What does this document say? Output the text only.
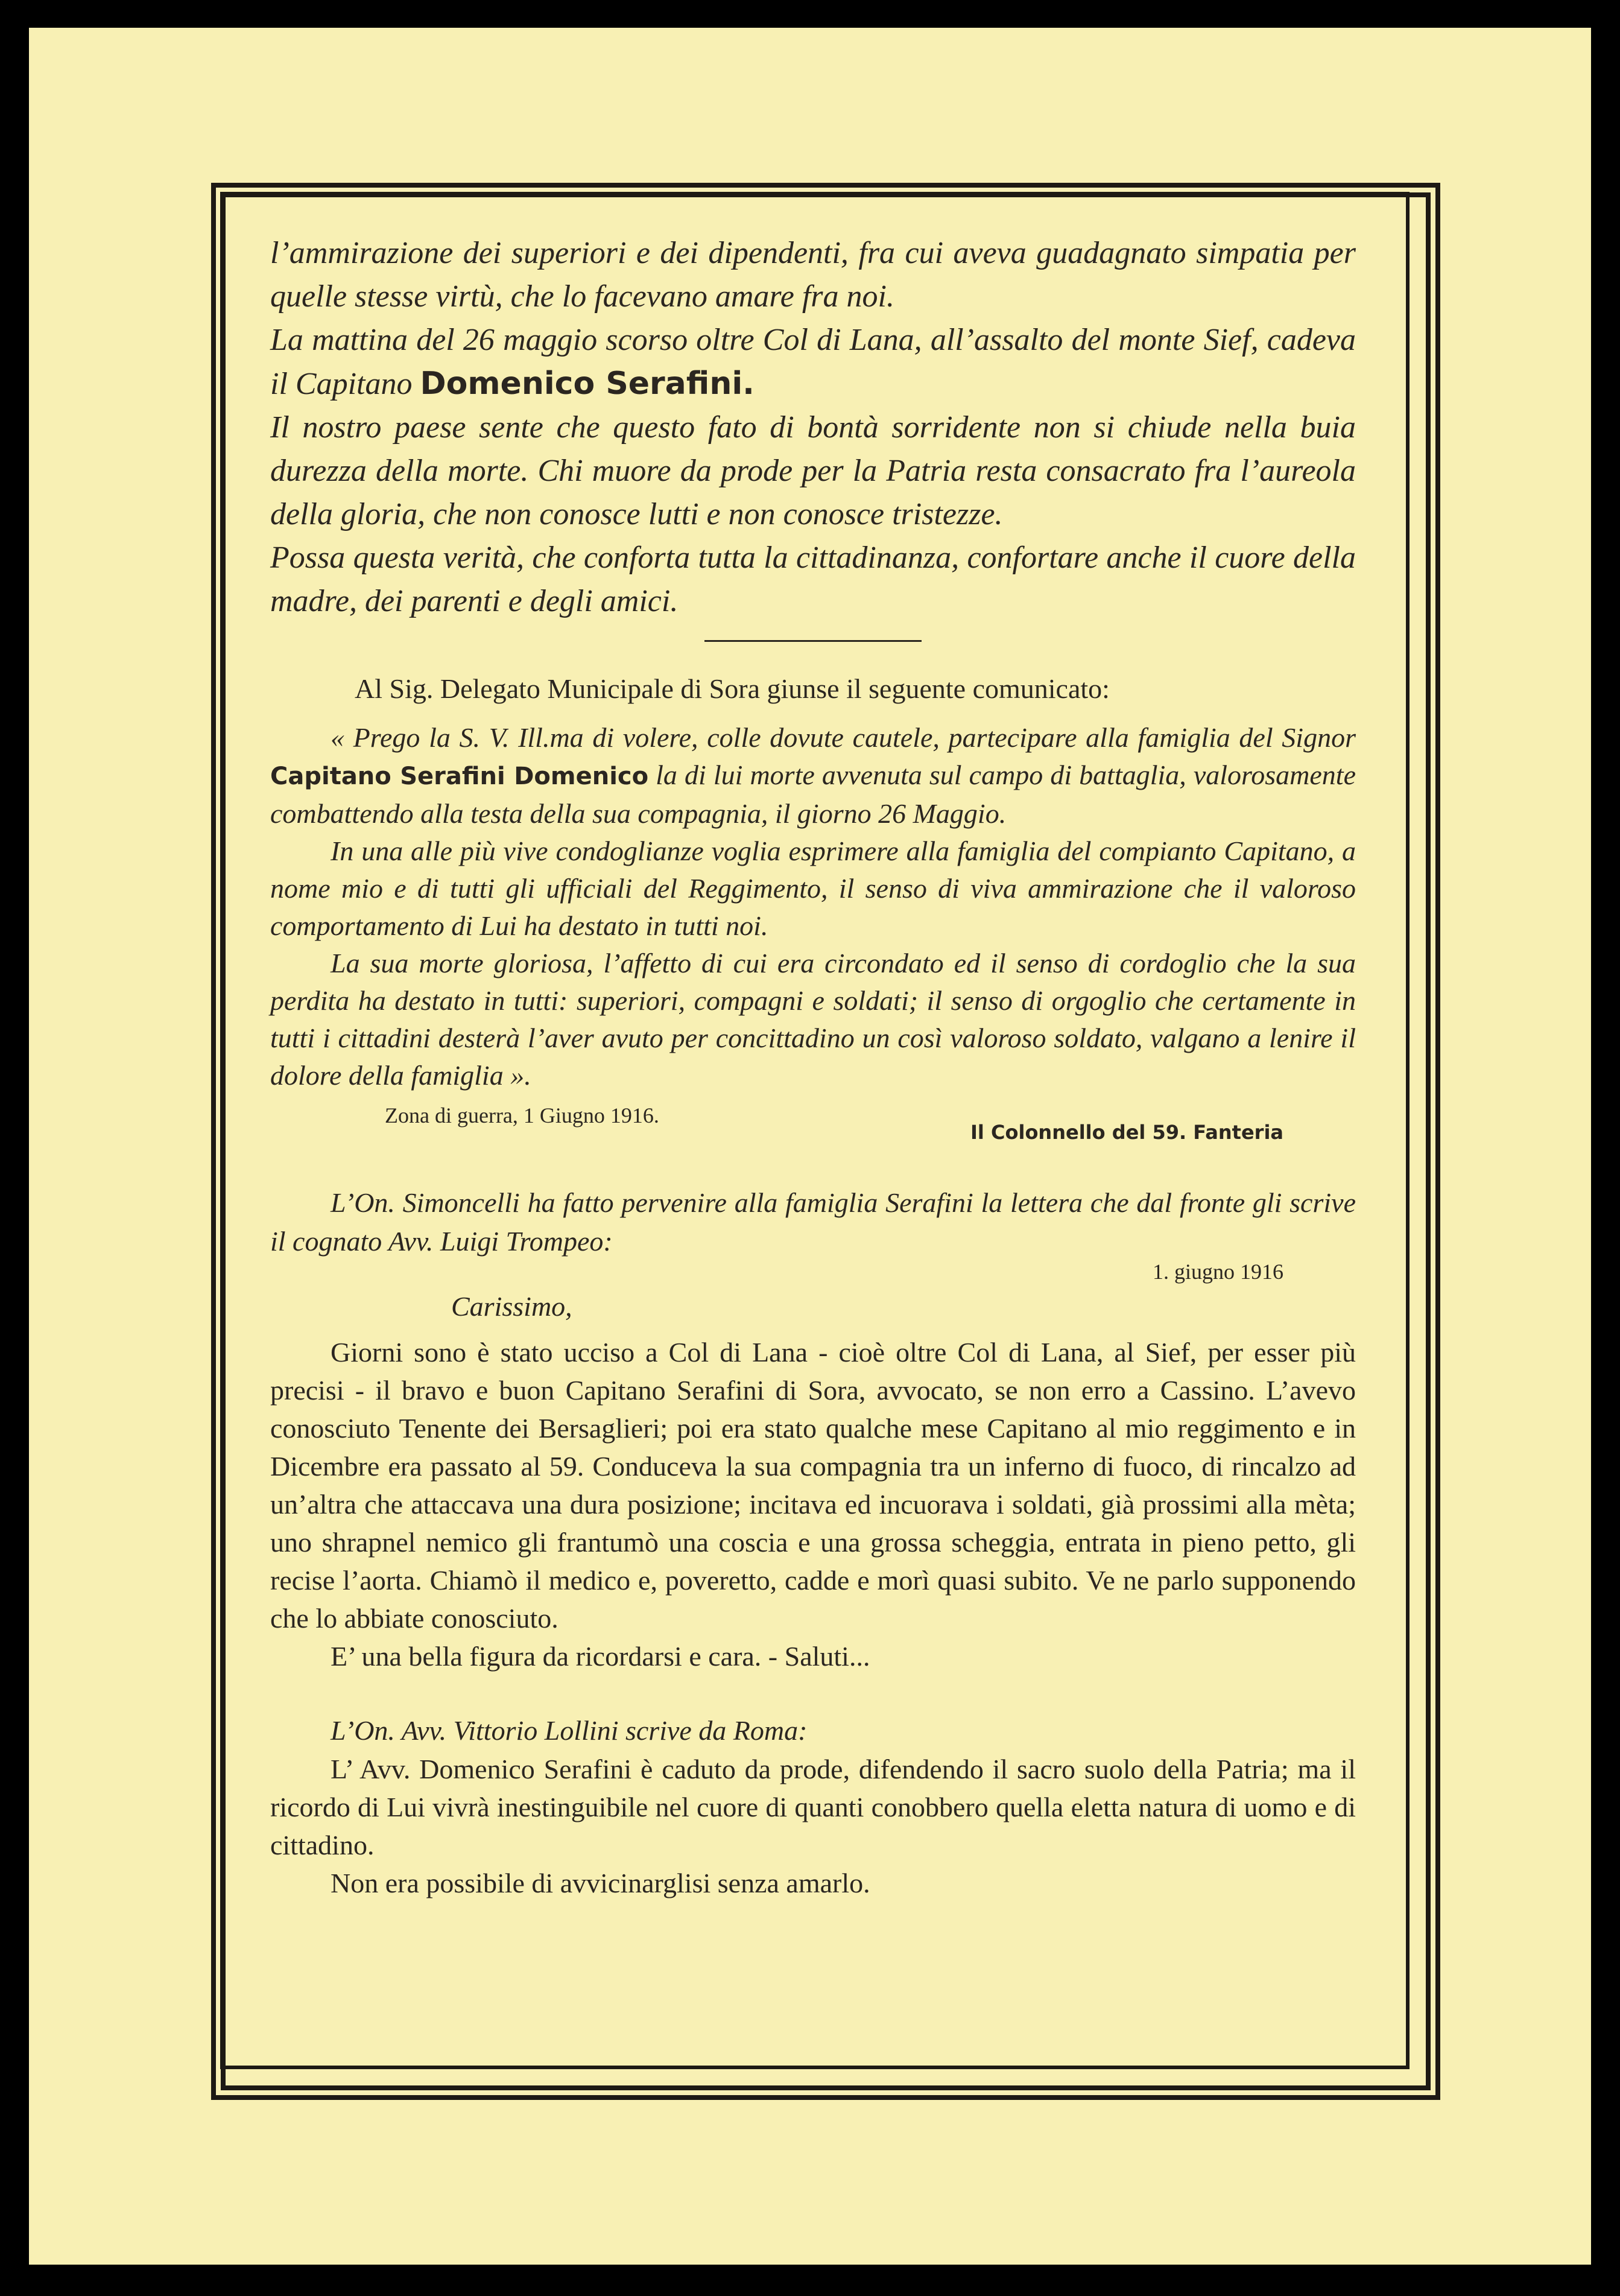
l’ammirazione dei superiori e dei dipendenti, fra cui aveva guadagnato simpatia per quelle stesse virtù, che lo facevano amare fra noi.

La mattina del 26 maggio scorso oltre Col di Lana, all’assalto del monte Sief, cadeva il Capitano Domenico Serafini.

Il nostro paese sente che questo fato di bontà sorridente non si chiude nella buia durezza della morte. Chi muore da prode per la Patria resta consacrato fra l’aureola della gloria, che non conosce lutti e non conosce tristezze.

Possa questa verità, che conforta tutta la cittadinanza, confortare anche il cuore della madre, dei parenti e degli amici.

Al Sig. Delegato Municipale di Sora giunse il seguente comunicato:

« Prego la S. V. Ill.ma di volere, colle dovute cautele, partecipare alla famiglia del Signor Capitano Serafini Domenico la di lui morte avvenuta sul campo di battaglia, valorosamente combattendo alla testa della sua compagnia, il giorno 26 Maggio.

In una alle più vive condoglianze voglia esprimere alla famiglia del compianto Capitano, a nome mio e di tutti gli ufficiali del Reggimento, il senso di viva ammirazione che il valoroso comportamento di Lui ha destato in tutti noi.

La sua morte gloriosa, l’affetto di cui era circondato ed il senso di cordoglio che la sua perdita ha destato in tutti: superiori, compagni e soldati; il senso di orgoglio che certamente in tutti i cittadini desterà l’aver avuto per concittadino un così valoroso soldato, valgano a lenire il dolore della famiglia ».

Zona di guerra, 1 Giugno 1916.
Il Colonnello del 59. Fanteria

L’On. Simoncelli ha fatto pervenire alla famiglia Serafini la lettera che dal fronte gli scrive il cognato Avv. Luigi Trompeo:

1. giugno 1916
Carissimo,

Giorni sono è stato ucciso a Col di Lana - cioè oltre Col di Lana, al Sief, per esser più precisi - il bravo e buon Capitano Serafini di Sora, avvocato, se non erro a Cassino. L’avevo conosciuto Tenente dei Bersaglieri; poi era stato qualche mese Capitano al mio reggimento e in Dicembre era passato al 59. Conduceva la sua compagnia tra un inferno di fuoco, di rincalzo ad un’altra che attaccava una dura posizione; incitava ed incuorava i soldati, già prossimi alla mèta; uno shrapnel nemico gli frantumò una coscia e una grossa scheggia, entrata in pieno petto, gli recise l’aorta. Chiamò il medico e, poveretto, cadde e morì quasi subito. Ve ne parlo supponendo che lo abbiate conosciuto.

E’ una bella figura da ricordarsi e cara. - Saluti...

L’On. Avv. Vittorio Lollini scrive da Roma:

L’ Avv. Domenico Serafini è caduto da prode, difendendo il sacro suolo della Patria; ma il ricordo di Lui vivrà inestinguibile nel cuore di quanti conobbero quella eletta natura di uomo e di cittadino.

Non era possibile di avvicinarglisi senza amarlo.
